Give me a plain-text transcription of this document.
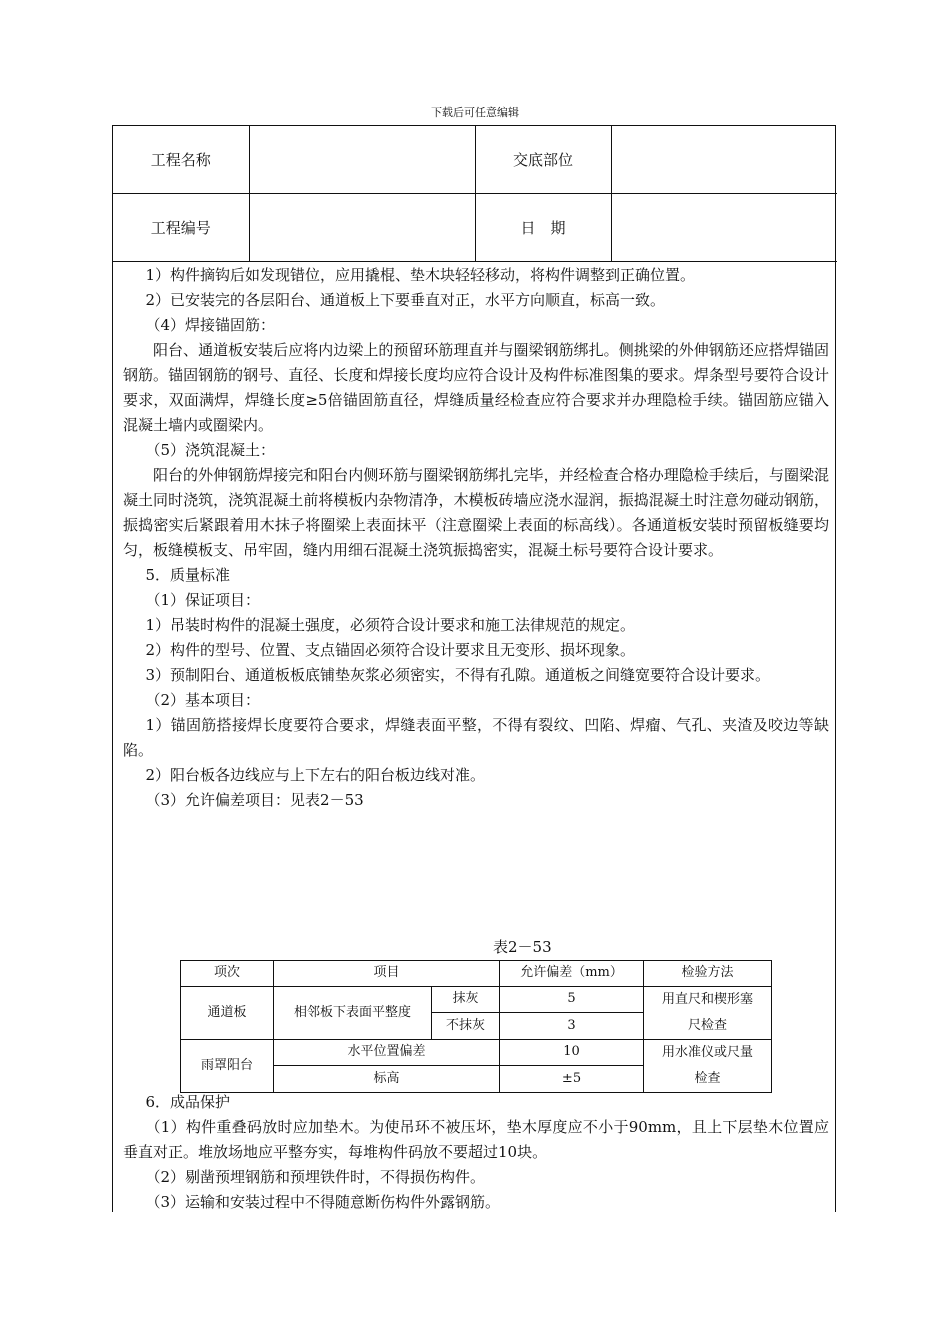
下载后可任意编辑
工程名称		交底部位	
工程编号		日　期	

1）构件摘钩后如发现错位，应用撬棍、垫木块轻轻移动，将构件调整到正确位置。

2）已安装完的各层阳台、通道板上下要垂直对正，水平方向顺直，标高一致。

（4）焊接锚固筋：

阳台、通道板安装后应将内边梁上的预留环筋理直并与圈梁钢筋绑扎。侧挑梁的外伸钢筋还应搭焊锚固钢筋。锚固钢筋的钢号、直径、长度和焊接长度均应符合设计及构件标准图集的要求。焊条型号要符合设计要求，双面满焊，焊缝长度≥5倍锚固筋直径，焊缝质量经检查应符合要求并办理隐检手续。锚固筋应锚入混凝土墙内或圈梁内。

（5）浇筑混凝土：

阳台的外伸钢筋焊接完和阳台内侧环筋与圈梁钢筋绑扎完毕，并经检查合格办理隐检手续后，与圈梁混凝土同时浇筑，浇筑混凝土前将模板内杂物清净，木模板砖墙应浇水湿润，振捣混凝土时注意勿碰动钢筋，振捣密实后紧跟着用木抹子将圈梁上表面抹平（注意圈梁上表面的标高线）。各通道板安装时预留板缝要均匀，板缝模板支、吊牢固，缝内用细石混凝土浇筑振捣密实，混凝土标号要符合设计要求。

5．质量标准

（1）保证项目：

1）吊装时构件的混凝土强度，必须符合设计要求和施工法律规范的规定。

2）构件的型号、位置、支点锚固必须符合设计要求且无变形、损坏现象。

3）预制阳台、通道板板底铺垫灰浆必须密实，不得有孔隙。通道板之间缝宽要符合设计要求。

（2）基本项目：

1）锚固筋搭接焊长度要符合要求，焊缝表面平整，不得有裂纹、凹陷、焊瘤、气孔、夹渣及咬边等缺陷。

2）阳台板各边线应与上下左右的阳台板边线对准。

（3）允许偏差项目：见表2－53

表2－53
项次	项目		允许偏差（mm）	检验方法
通道板	相邻板下表面平整度	抹灰	5	用直尺和楔形塞
尺检查

		不抹灰	3	
雨罩阳台	水平位置偏差		10	用水准仪或尺量
检查

	标高		±5	

6．成品保护

（1）构件重叠码放时应加垫木。为使吊环不被压坏，垫木厚度应不小于90mm，且上下层垫木位置应垂直对正。堆放场地应平整夯实，每堆构件码放不要超过10块。

（2）剔凿预埋钢筋和预埋铁件时，不得损伤构件。

（3）运输和安装过程中不得随意断伤构件外露钢筋。
